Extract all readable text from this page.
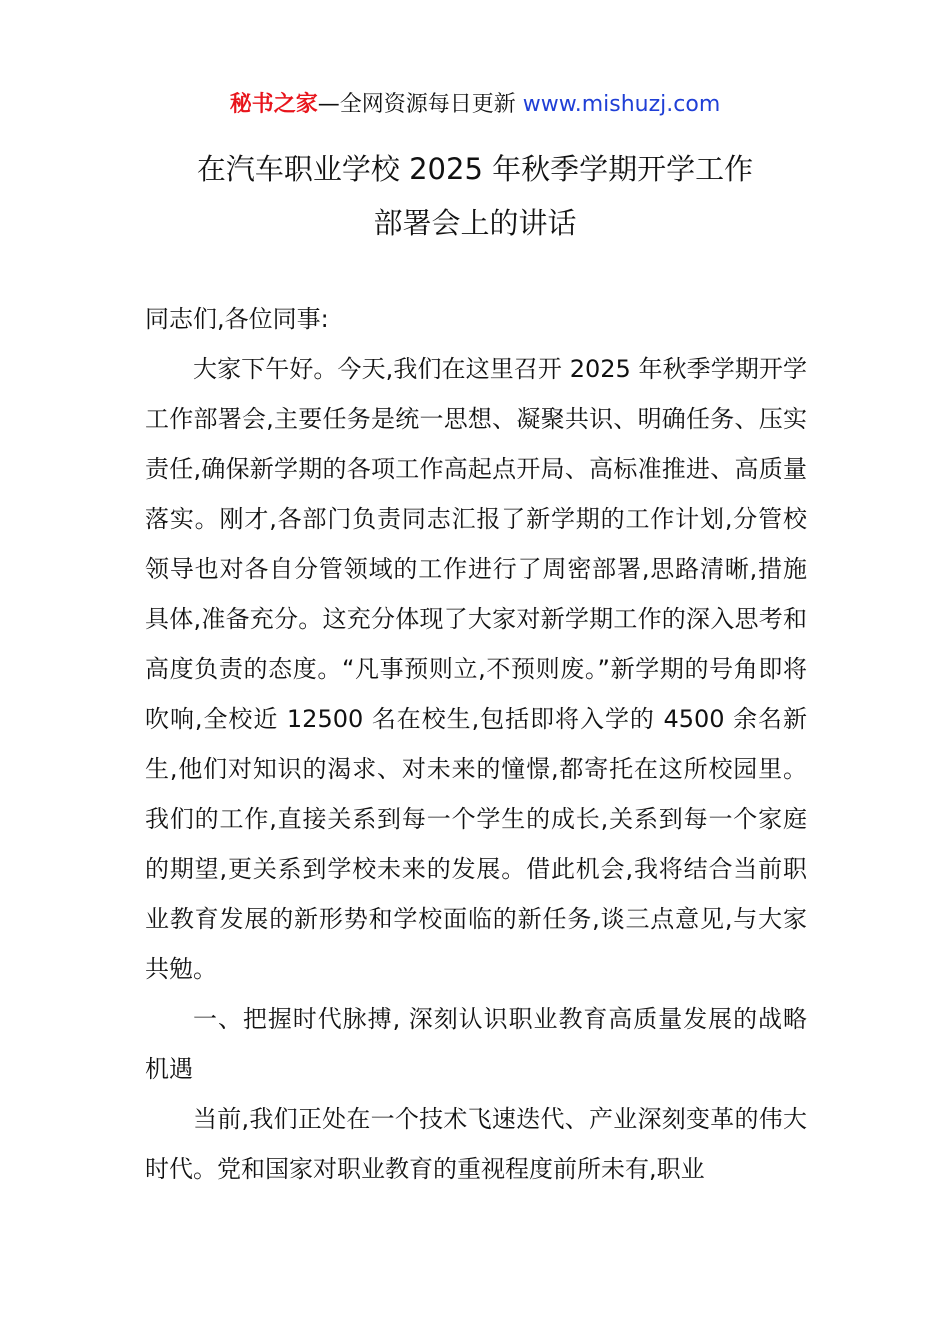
秘书之家—全网资源每日更新 www.mishuzj.com
在汽车职业学校 2025 年秋季学期开学工作
部署会上的讲话

同志们,各位同事:

大家下午好。今天,我们在这里召开 2025 年秋季学期开学工作部署会,主要任务是统一思想、凝聚共识、明确任务、压实责任,确保新学期的各项工作高起点开局、高标准推进、高质量落实。刚才,各部门负责同志汇报了新学期的工作计划,分管校领导也对各自分管领域的工作进行了周密部署,思路清晰,措施具体,准备充分。这充分体现了大家对新学期工作的深入思考和高度负责的态度。“凡事预则立,不预则废。”新学期的号角即将吹响,全校近 12500 名在校生,包括即将入学的 4500 余名新生,他们对知识的渴求、对未来的憧憬,都寄托在这所校园里。我们的工作,直接关系到每一个学生的成长,关系到每一个家庭的期望,更关系到学校未来的发展。借此机会,我将结合当前职业教育发展的新形势和学校面临的新任务,谈三点意见,与大家共勉。

一、把握时代脉搏, 深刻认识职业教育高质量发展的战略机遇

当前,我们正处在一个技术飞速迭代、产业深刻变革的伟大时代。党和国家对职业教育的重视程度前所未有,职业
